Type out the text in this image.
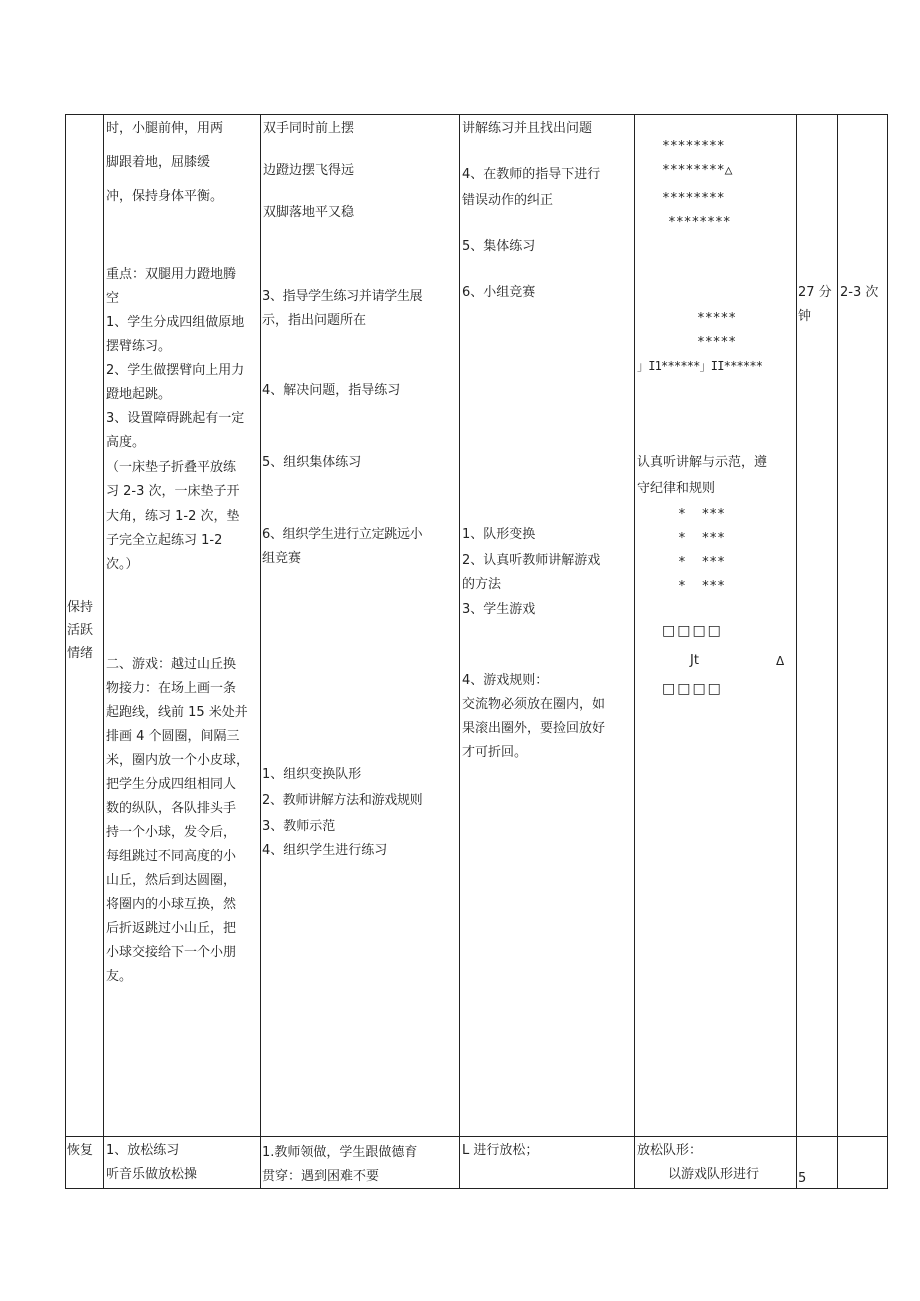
保持
活跃
情绪
恢复
时，小腿前伸，用两
脚跟着地，屈膝缓
冲，保持身体平衡。
重点：双腿用力蹬地腾
空
1、学生分成四组做原地
摆臂练习。
2、学生做摆臂向上用力
蹬地起跳。
3、设置障碍跳起有一定
高度。
（一床垫子折叠平放练
习 2-3 次，一床垫子开
大角，练习 1-2 次，垫
子完全立起练习 1-2
次。）
二、游戏：越过山丘换
物接力：在场上画一条
起跑线，线前 15 米处并
排画 4 个圆圈，间隔三
米，圈内放一个小皮球，
把学生分成四组相同人
数的纵队，各队排头手
持一个小球，发令后，
每组跳过不同高度的小
山丘，然后到达圆圈，
将圈内的小球互换，然
后折返跳过小山丘，把
小球交接给下一个小朋
友。
1、放松练习
听音乐做放松操
双手同时前上摆
边蹬边摆飞得远
双脚落地平又稳
3、指导学生练习并请学生展
示，指出问题所在
4、解决问题，指导练习
5、组织集体练习
6、组织学生进行立定跳远小
组竞赛
1、组织变换队形
2、教师讲解方法和游戏规则
3、教师示范
4、组织学生进行练习
1.教师领做，学生跟做德育
贯穿：遇到困难不要
讲解练习并且找出问题
4、在教师的指导下进行
错误动作的纠正
5、集体练习
6、小组竞赛
1、队形变换
2、认真听教师讲解游戏
的方法
3、学生游戏
4、游戏规则：
交流物必须放在圈内，如
果滚出圈外，要捡回放好
才可折回。
L 进行放松；
********
********△
********
********
*****
*****
」I1******」II******
认真听讲解与示范，遵
守纪律和规则
*  ***
*  ***
*  ***
*  ***
□□□□
Jt	Δ
□□□□
放松队形：
以游戏队形进行
27 分
钟
5
2-3 次
